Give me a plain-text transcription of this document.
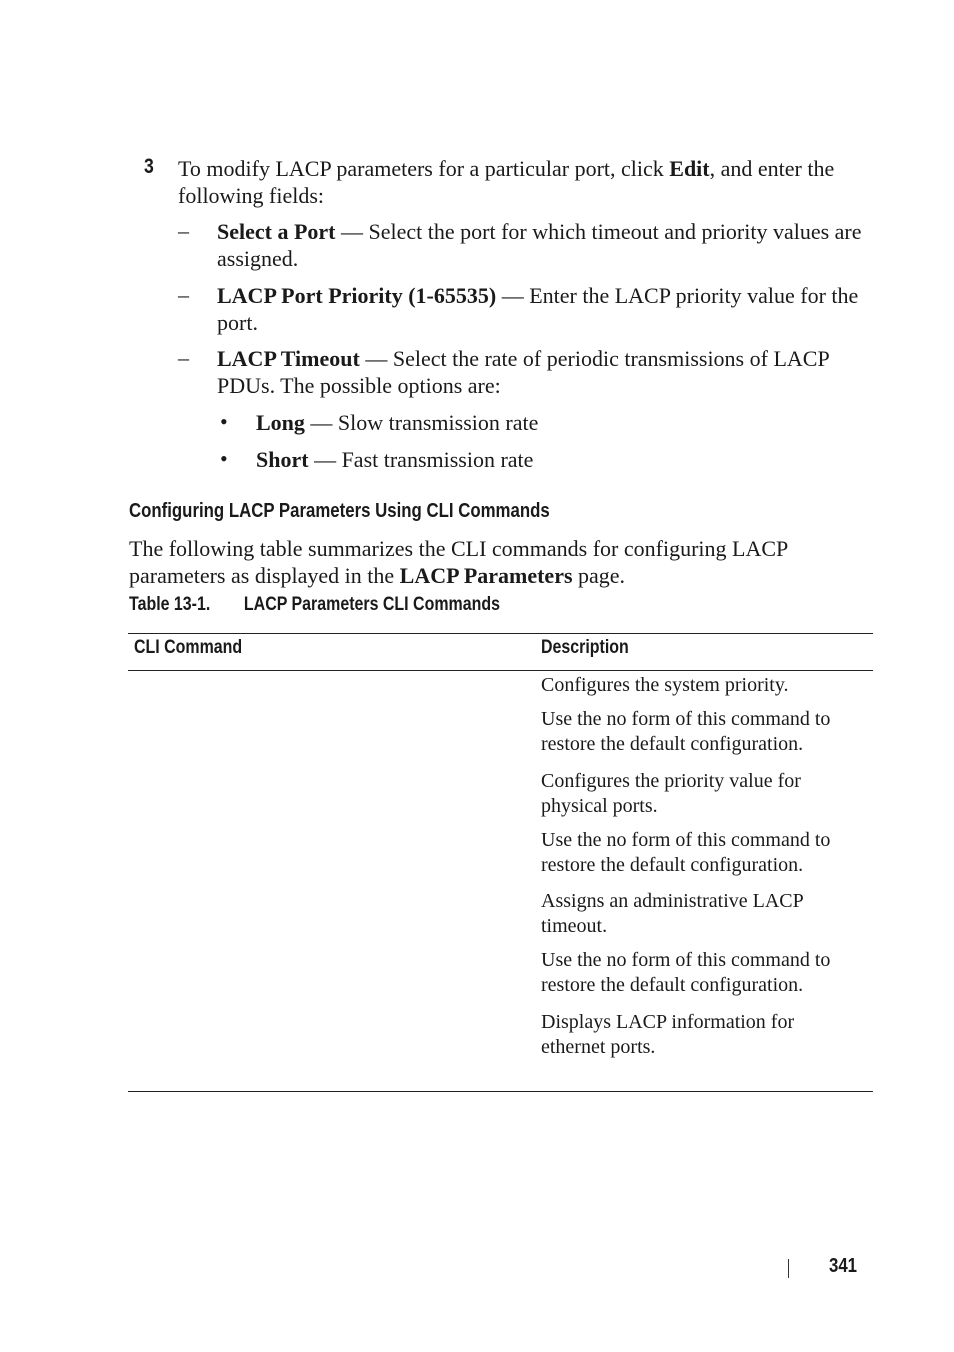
3 To modify LACP parameters for a particular port, click Edit, and enter the following fields:
– Select a Port — Select the port for which timeout and priority values are assigned.
– LACP Port Priority (1-65535) — Enter the LACP priority value for the port.
– LACP Timeout — Select the rate of periodic transmissions of LACP PDUs. The possible options are:
• Long — Slow transmission rate
• Short — Fast transmission rate
Configuring LACP Parameters Using CLI Commands
The following table summarizes the CLI commands for configuring LACP parameters as displayed in the LACP Parameters page.
Table 13-1. LACP Parameters CLI Commands
CLI Command	Description
Configures the system priority.
Use the no form of this command to restore the default configuration.
Configures the priority value for physical ports.
Use the no form of this command to restore the default configuration.
Assigns an administrative LACP timeout.
Use the no form of this command to restore the default configuration.
Displays LACP information for ethernet ports.
341
